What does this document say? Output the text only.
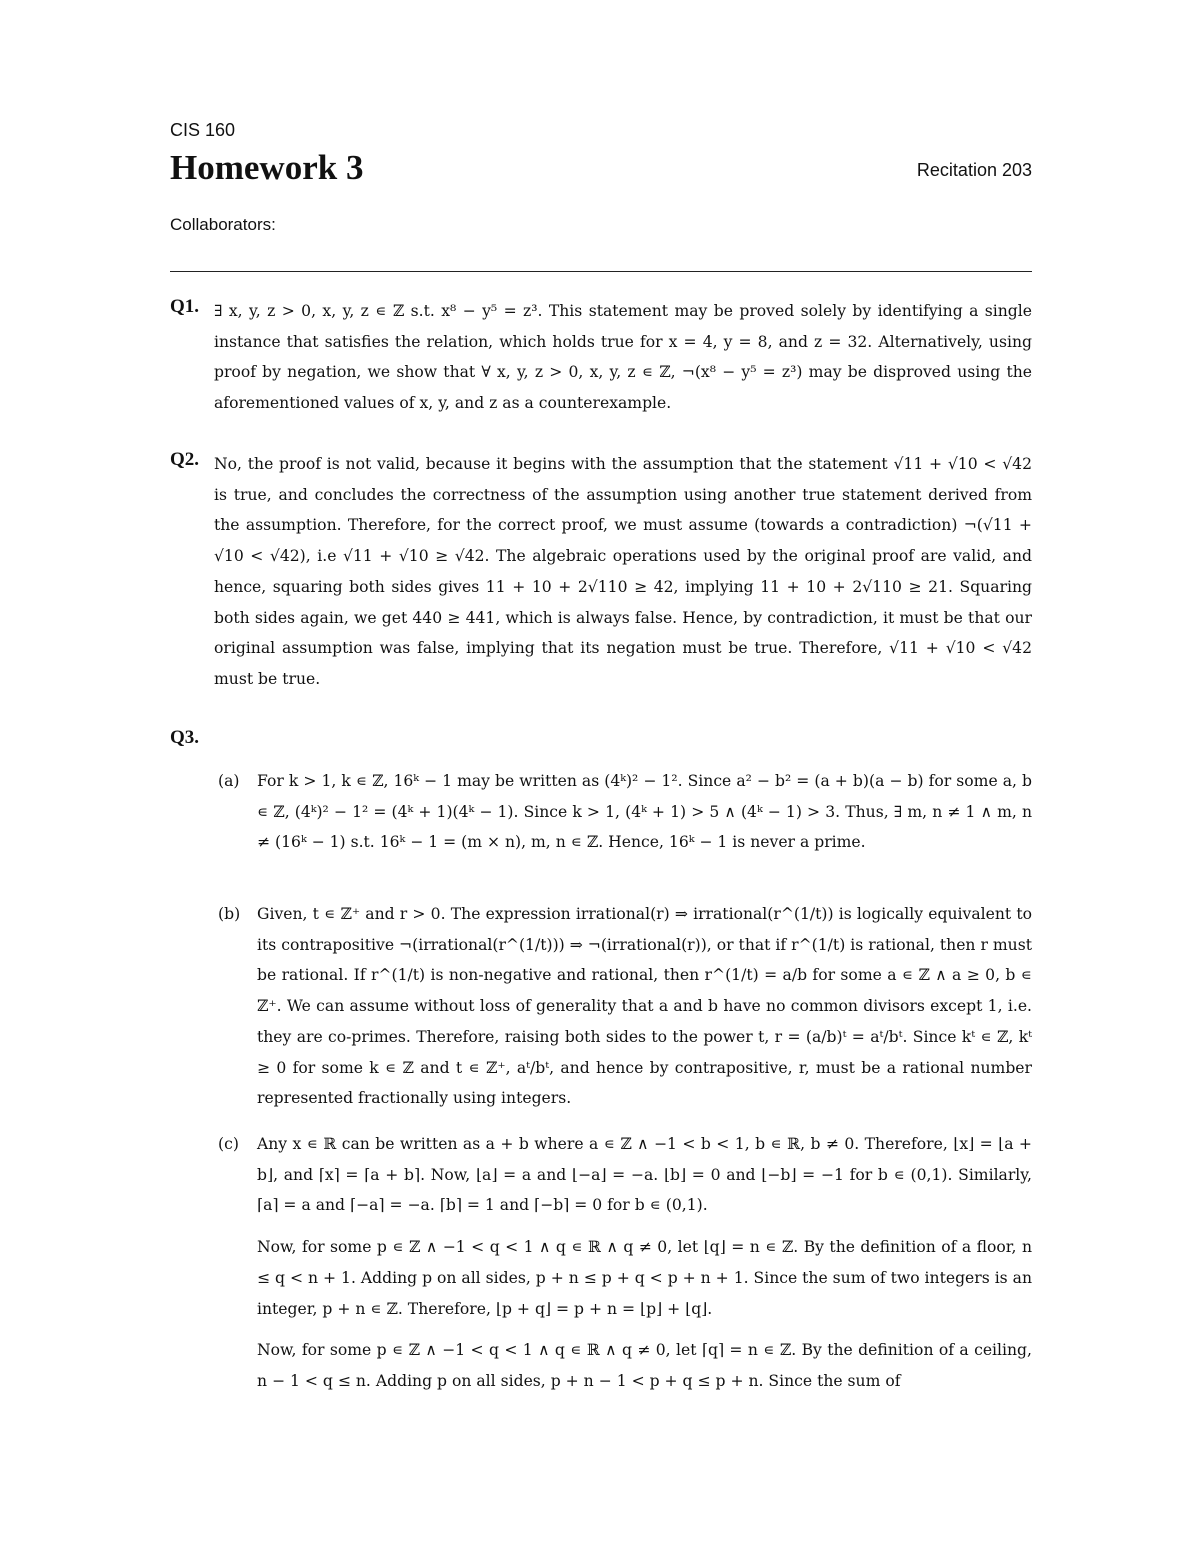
CIS 160
Homework 3	Recitation 203
Collaborators:
Q1. ∃ x, y, z > 0, x, y, z ∊ ℤ s.t. x⁸ − y⁵ = z³. This statement may be proved solely by identifying a single instance that satisfies the relation, which holds true for x = 4, y = 8, and z = 32. Alternatively, using proof by negation, we show that ∀ x, y, z > 0, x, y, z ∊ ℤ, ¬(x⁸ − y⁵ = z³) may be disproved using the aforementioned values of x, y, and z as a counterexample.
Q2. No, the proof is not valid, because it begins with the assumption that the statement √11 + √10 < √42 is true, and concludes the correctness of the assumption using another true statement derived from the assumption. Therefore, for the correct proof, we must assume (towards a contradiction) ¬(√11 + √10 < √42), i.e √11 + √10 ≥ √42. The algebraic operations used by the original proof are valid, and hence, squaring both sides gives 11 + 10 + 2√110 ≥ 42, implying 11 + 10 + 2√110 ≥ 21. Squaring both sides again, we get 440 ≥ 441, which is always false. Hence, by contradiction, it must be that our original assumption was false, implying that its negation must be true. Therefore, √11 + √10 < √42 must be true.
Q3.
(a) For k > 1, k ∊ ℤ, 16ᵏ − 1 may be written as (4ᵏ)² − 1². Since a² − b² = (a + b)(a − b) for some a, b ∊ ℤ, (4ᵏ)² − 1² = (4ᵏ + 1)(4ᵏ − 1). Since k > 1, (4ᵏ + 1) > 5 ∧ (4ᵏ − 1) > 3. Thus, ∃ m, n ≠ 1 ∧ m, n ≠ (16ᵏ − 1) s.t. 16ᵏ − 1 = (m × n), m, n ∊ ℤ. Hence, 16ᵏ − 1 is never a prime.
(b) Given, t ∊ ℤ⁺ and r > 0. The expression irrational(r) ⇒ irrational(r^(1/t)) is logically equivalent to its contrapositive ¬(irrational(r^(1/t))) ⇒ ¬(irrational(r)), or that if r^(1/t) is rational, then r must be rational. If r^(1/t) is non-negative and rational, then r^(1/t) = a/b for some a ∊ ℤ ∧ a ≥ 0, b ∊ ℤ⁺. We can assume without loss of generality that a and b have no common divisors except 1, i.e. they are co-primes. Therefore, raising both sides to the power t, r = (a/b)ᵗ = aᵗ/bᵗ. Since kᵗ ∊ ℤ, kᵗ ≥ 0 for some k ∊ ℤ and t ∊ ℤ⁺, aᵗ/bᵗ, and hence by contrapositive, r, must be a rational number represented fractionally using integers.
(c) Any x ∊ ℝ can be written as a + b where a ∊ ℤ ∧ −1 < b < 1, b ∊ ℝ, b ≠ 0. Therefore, ⌊x⌋ = ⌊a + b⌋, and ⌈x⌉ = ⌈a + b⌉. Now, ⌊a⌋ = a and ⌊−a⌋ = −a. ⌊b⌋ = 0 and ⌊−b⌋ = −1 for b ∊ (0,1). Similarly, ⌈a⌉ = a and ⌈−a⌉ = −a. ⌈b⌉ = 1 and ⌈−b⌉ = 0 for b ∊ (0,1).

Now, for some p ∊ ℤ ∧ −1 < q < 1 ∧ q ∊ ℝ ∧ q ≠ 0, let ⌊q⌋ = n ∊ ℤ. By the definition of a floor, n ≤ q < n + 1. Adding p on all sides, p + n ≤ p + q < p + n + 1. Since the sum of two integers is an integer, p + n ∊ ℤ. Therefore, ⌊p + q⌋ = p + n = ⌊p⌋ + ⌊q⌋.

Now, for some p ∊ ℤ ∧ −1 < q < 1 ∧ q ∊ ℝ ∧ q ≠ 0, let ⌈q⌉ = n ∊ ℤ. By the definition of a ceiling, n − 1 < q ≤ n. Adding p on all sides, p + n − 1 < p + q ≤ p + n. Since the sum of
